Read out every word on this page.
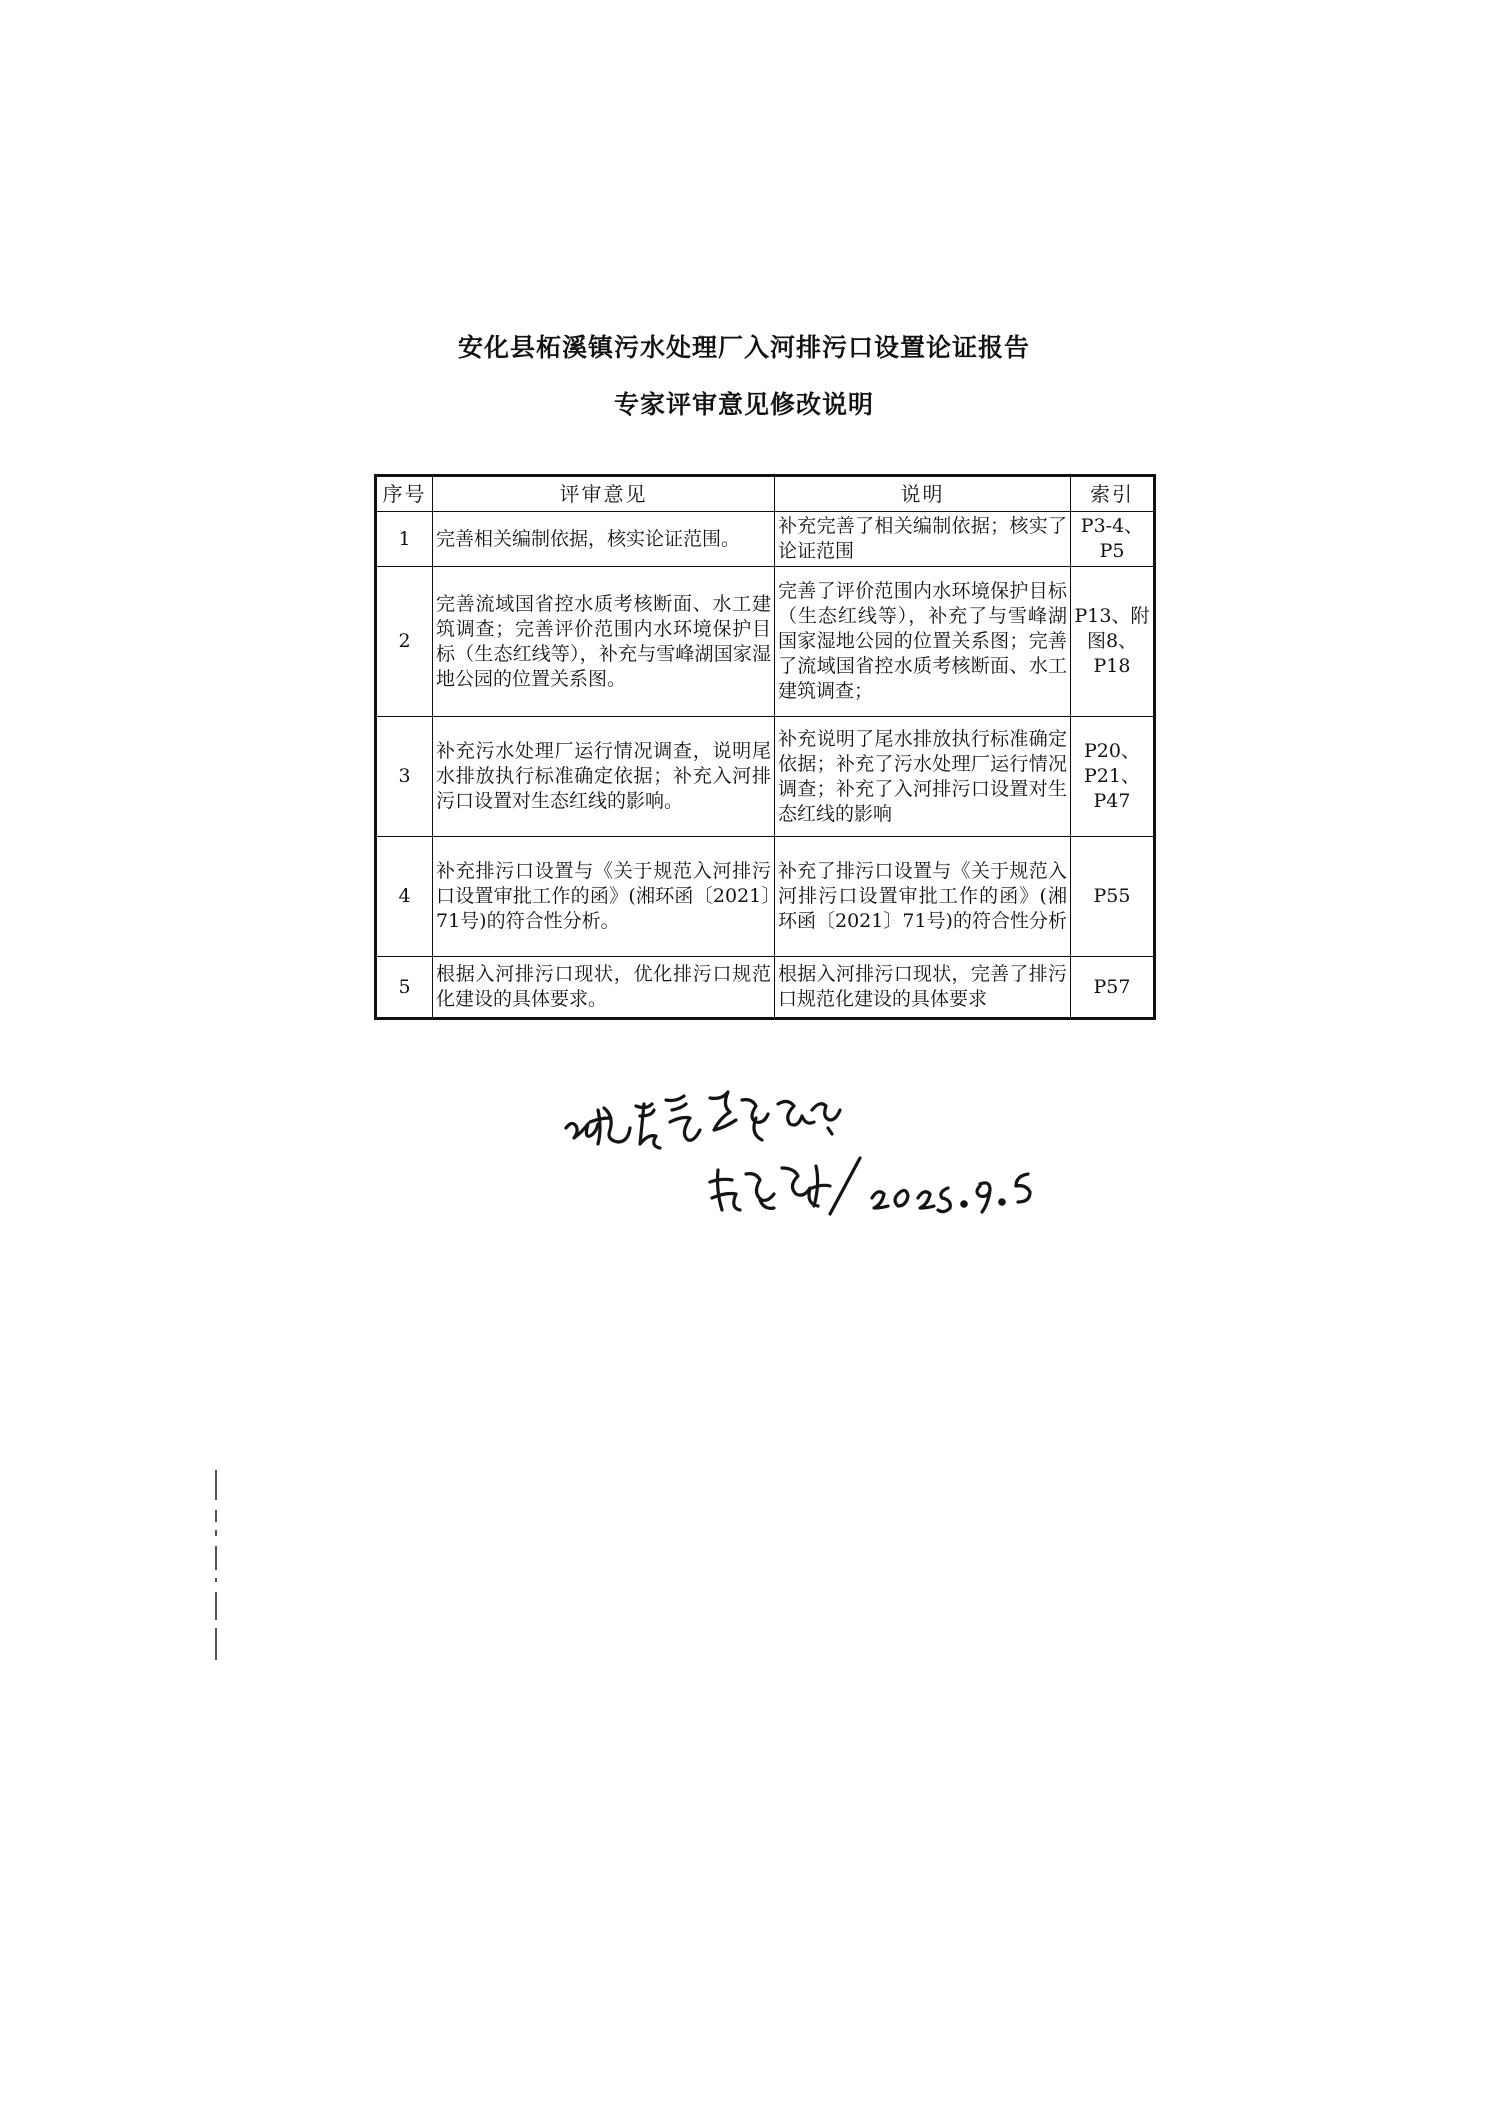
安化县柘溪镇污水处理厂入河排污口设置论证报告
专家评审意见修改说明
序号	评审意见	说明	索引
1	完善相关编制依据，核实论证范围。	补充完善了相关编制依据；核实了论证范围	P3-4、P5
2	完善流域国省控水质考核断面、水工建筑调查；完善评价范围内水环境保护目标（生态红线等），补充与雪峰湖国家湿地公园的位置关系图。	完善了评价范围内水环境保护目标（生态红线等），补充了与雪峰湖国家湿地公园的位置关系图；完善了流域国省控水质考核断面、水工建筑调查；	P13、附图8、P18
3	补充污水处理厂运行情况调查，说明尾水排放执行标准确定依据；补充入河排污口设置对生态红线的影响。	补充说明了尾水排放执行标准确定依据；补充了污水处理厂运行情况调查；补充了入河排污口设置对生态红线的影响	P20、P21、P47
4	补充排污口设置与《关于规范入河排污口设置审批工作的函》(湘环函〔2021〕71号)的符合性分析。	补充了排污口设置与《关于规范入河排污口设置审批工作的函》(湘环函〔2021〕71号)的符合性分析	P55
5	根据入河排污口现状，优化排污口规范化建设的具体要求。	根据入河排污口现状，完善了排污口规范化建设的具体要求	P57
